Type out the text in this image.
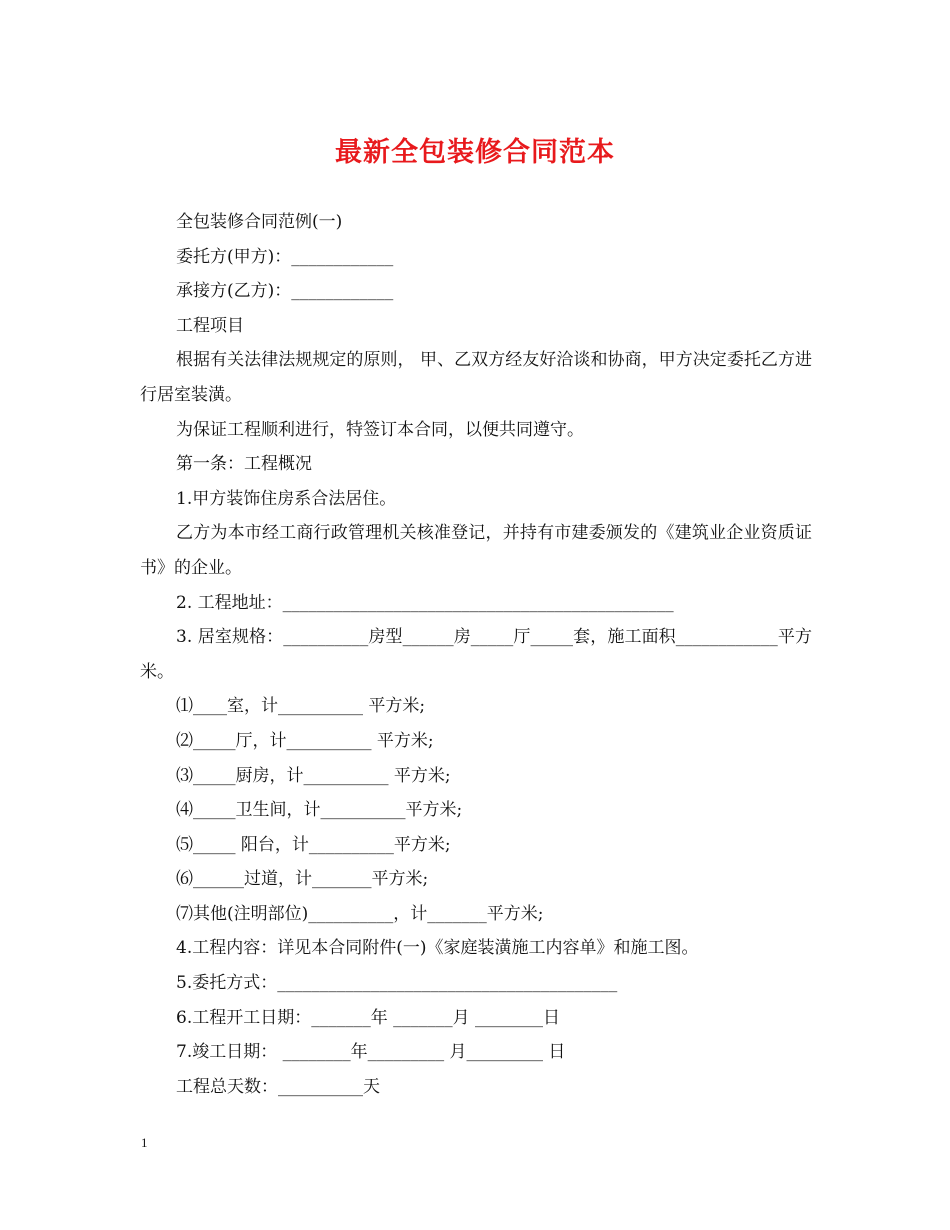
最新全包装修合同范本

全包装修合同范例(一)

委托方(甲方)：____________

承接方(乙方)：____________

工程项目

根据有关法律法规规定的原则， 甲、乙双方经友好洽谈和协商，甲方决定委托乙方进行居室装潢。

为保证工程顺利进行，特签订本合同，以便共同遵守。

第一条：工程概况

1.甲方装饰住房系合法居住。

乙方为本市经工商行政管理机关核准登记，并持有市建委颁发的《建筑业企业资质证书》的企业。

2. 工程地址：______________________________________________

3. 居室规格：__________房型______房_____厅_____套，施工面积____________平方米。

⑴____室，计__________ 平方米;

⑵_____厅，计__________ 平方米;

⑶_____厨房，计__________ 平方米;

⑷_____卫生间，计__________平方米;

⑸_____ 阳台，计__________平方米;

⑹______过道，计_______平方米;

⑺其他(注明部位)__________，计_______平方米;

4.工程内容：详见本合同附件(一)《家庭装潢施工内容单》和施工图。

5.委托方式：________________________________________

6.工程开工日期：_______年 _______月 ________日

7.竣工日期： ________年_________ 月_________ 日

工程总天数：__________天

1
